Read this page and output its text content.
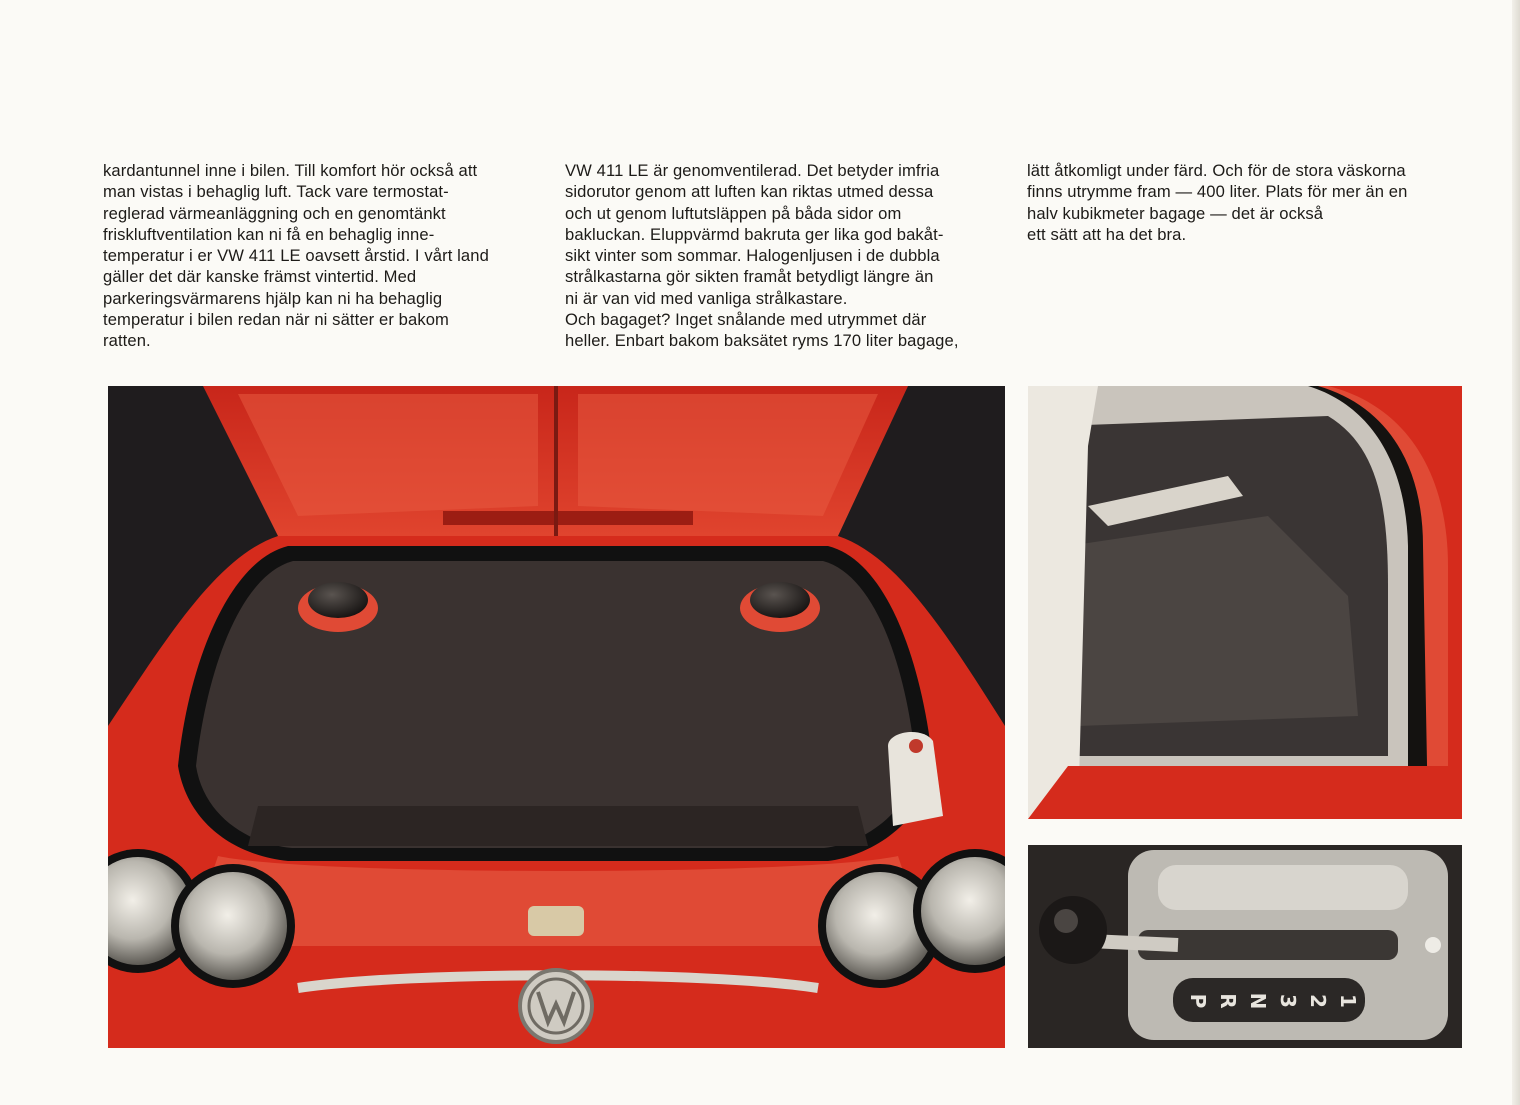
kardantunnel inne i bilen. Till komfort hör också att

man vistas i behaglig luft. Tack vare termostat-

reglerad värmeanläggning och en genomtänkt

friskluftventilation kan ni få en behaglig inne-

temperatur i er VW 411 LE oavsett årstid. I vårt land

gäller det där kanske främst vintertid. Med

parkeringsvärmarens hjälp kan ni ha behaglig

temperatur i bilen redan när ni sätter er bakom

ratten.

VW 411 LE är genomventilerad. Det betyder imfria

sidorutor genom att luften kan riktas utmed dessa

och ut genom luftutsläppen på båda sidor om

bakluckan. Eluppvärmd bakruta ger lika god bakåt-

sikt vinter som sommar. Halogenljusen i de dubbla

strålkastarna gör sikten framåt betydligt längre än

ni är van vid med vanliga strålkastare.

Och bagaget? Inget snålande med utrymmet där

heller. Enbart bakom baksätet ryms 170 liter bagage,

lätt åtkomligt under färd. Och för de stora väskorna

finns utrymme fram — 400 liter. Plats för mer än en

halv kubikmeter bagage — det är också

ett sätt att ha det bra.

P R N 3 2 1
